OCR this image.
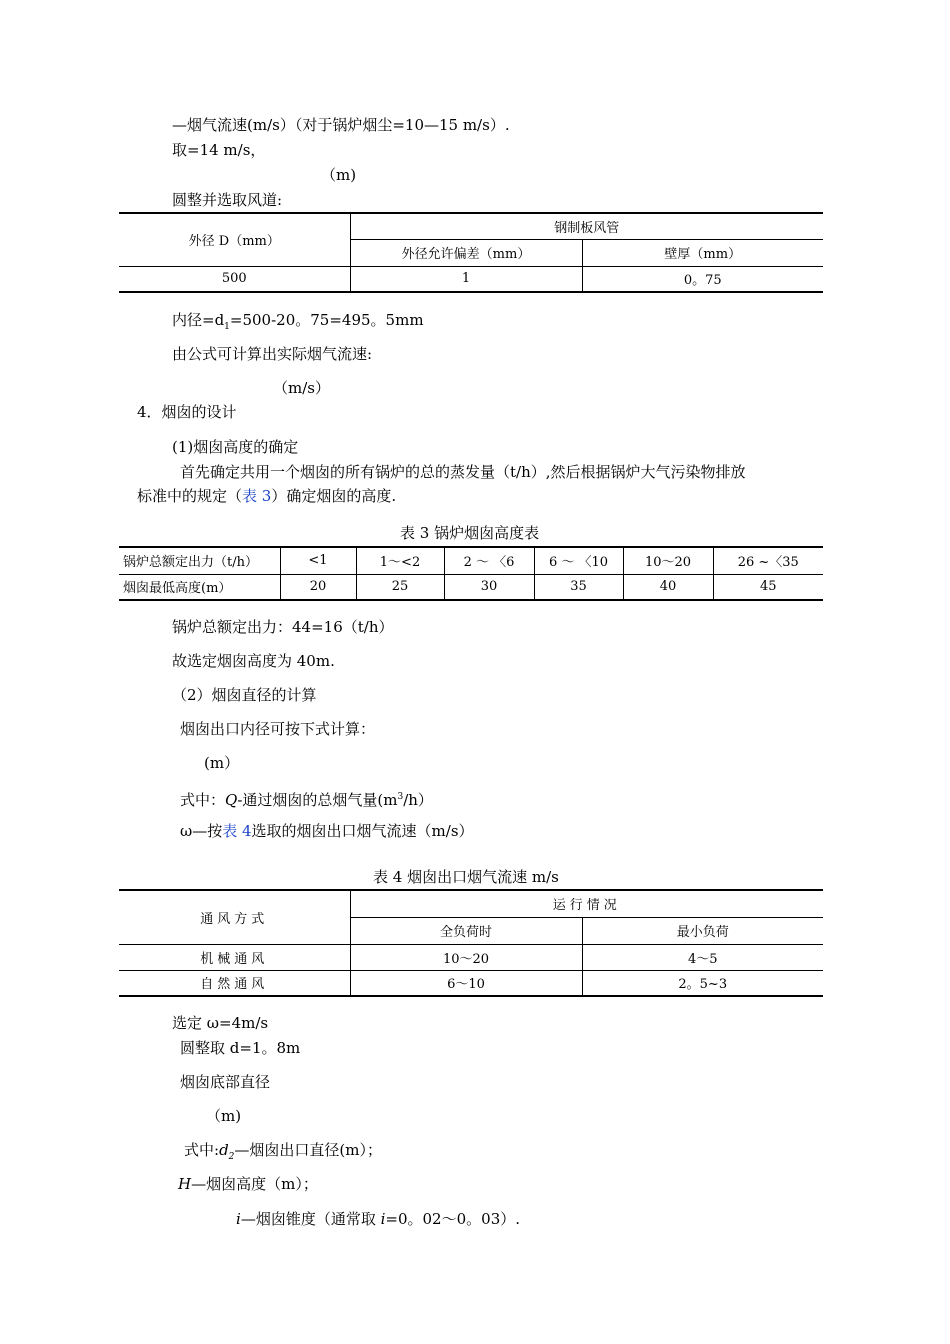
—烟气流速(m/s）（对于锅炉烟尘=10—15 m/s）.
取=14 m/s，
（m)
圆整并选取风道:
外径 D（mm）	钢制板风管	
	外径允许偏差（mm）	壁厚（mm）
500	1	0。75
内径$=d_1=500-20$。75=495。5mm
由公式可计算出实际烟气流速:
（m/s）
4．烟囱的设计
(1)烟囱高度的确定
首先确定共用一个烟囱的所有锅炉的总的蒸发量（t/h）,然后根据锅炉大气污染物排放
标准中的规定（表 3）确定烟囱的高度.
表 3 锅炉烟囱高度表
锅炉总额定出力（t/h）	<1	1～<2	2 ～ 〈6	6 ～ 〈10	10～20	26 ~〈35
烟囱最低高度(m）	20	25	30	35	40	45
锅炉总额定出力：44=16（t/h）
故选定烟囱高度为 40m.
（2）烟囱直径的计算
烟囱出口内径可按下式计算：
(m）
式中：Q-通过烟囱的总烟气量$(m^3/h)$
ω—按表 4选取的烟囱出口烟气流速（m/s）
表 4 烟囱出口烟气流速 m/s
通风方式	运行情况	
	全负荷时	最小负荷
机械通风	10～20	4～5
自然通风	6～10	2。5~3
选定 ω=4m/s
圆整取 d=1。8m
烟囱底部直径
（m)
式中$:d_2—$烟囱出口直径(m）；
H—烟囱高度（m）；
i—烟囱锥度（通常取 i=0。02～0。03）.
